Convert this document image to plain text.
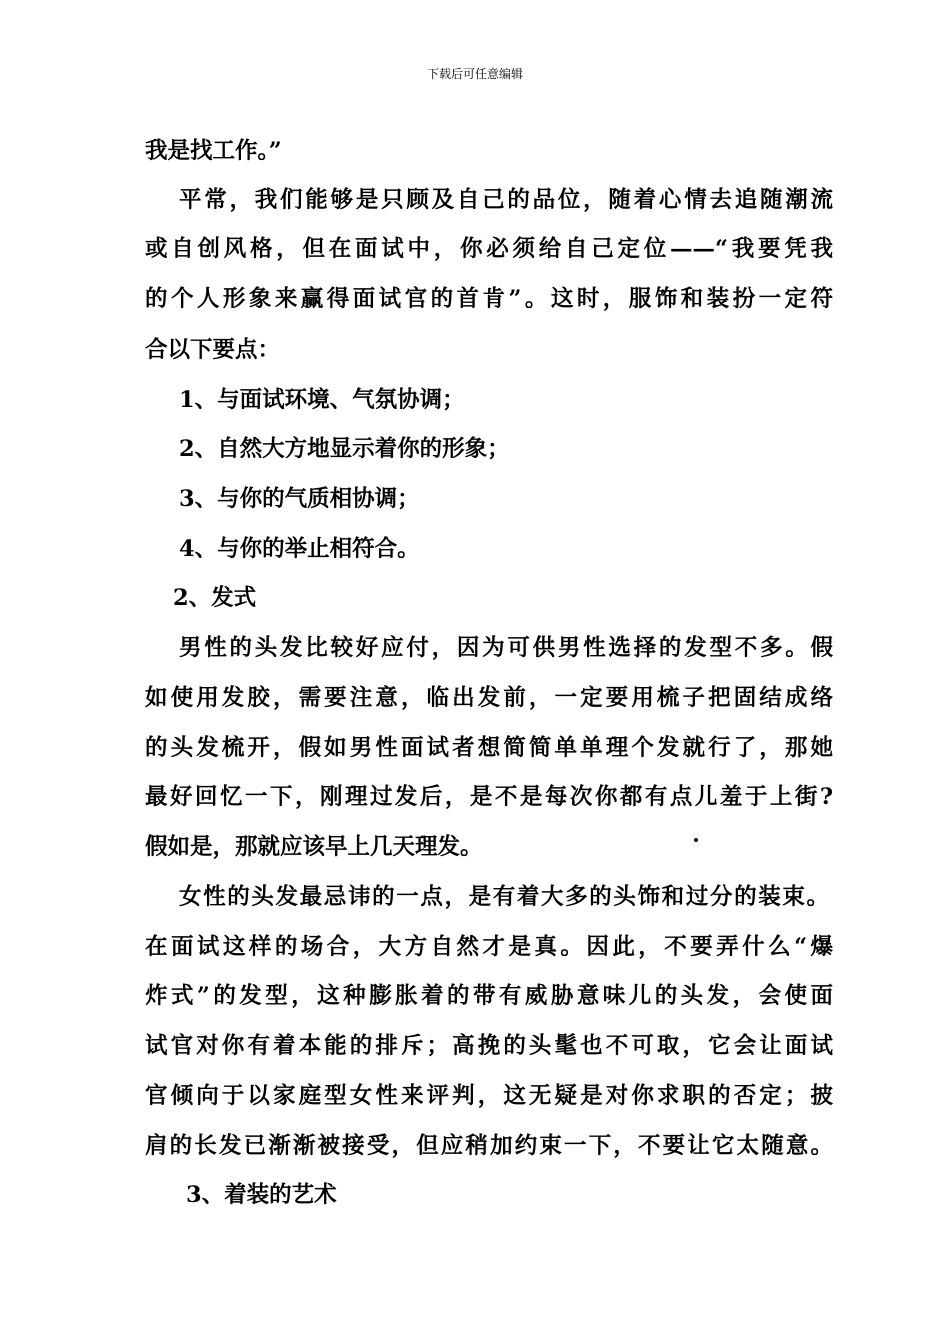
下载后可任意编辑
我是找工作。”
平常，我们能够是只顾及自己的品位，随着心情去追随潮流
或自创风格，但在面试中，你必须给自己定位——“我要凭我
的个人形象来赢得面试官的首肯”。这时，服饰和装扮一定符
合以下要点：
1、与面试环境、气氛协调；
2、自然大方地显示着你的形象；
3、与你的气质相协调；
4、与你的举止相符合。
2、发式
男性的头发比较好应付，因为可供男性选择的发型不多。假
如使用发胶，需要注意，临出发前，一定要用梳子把固结成络
的头发梳开，假如男性面试者想简简单单理个发就行了，那她
最好回忆一下，刚理过发后，是不是每次你都有点儿羞于上街?
假如是，那就应该早上几天理发。
女性的头发最忌讳的一点，是有着大多的头饰和过分的装束。
在面试这样的场合，大方自然才是真。因此，不要弄什么“爆
炸式”的发型，这种膨胀着的带有威胁意味儿的头发，会使面
试官对你有着本能的排斥；高挽的头髦也不可取，它会让面试
官倾向于以家庭型女性来评判，这无疑是对你求职的否定；披
肩的长发已渐渐被接受，但应稍加约束一下，不要让它太随意。
3、着装的艺术
